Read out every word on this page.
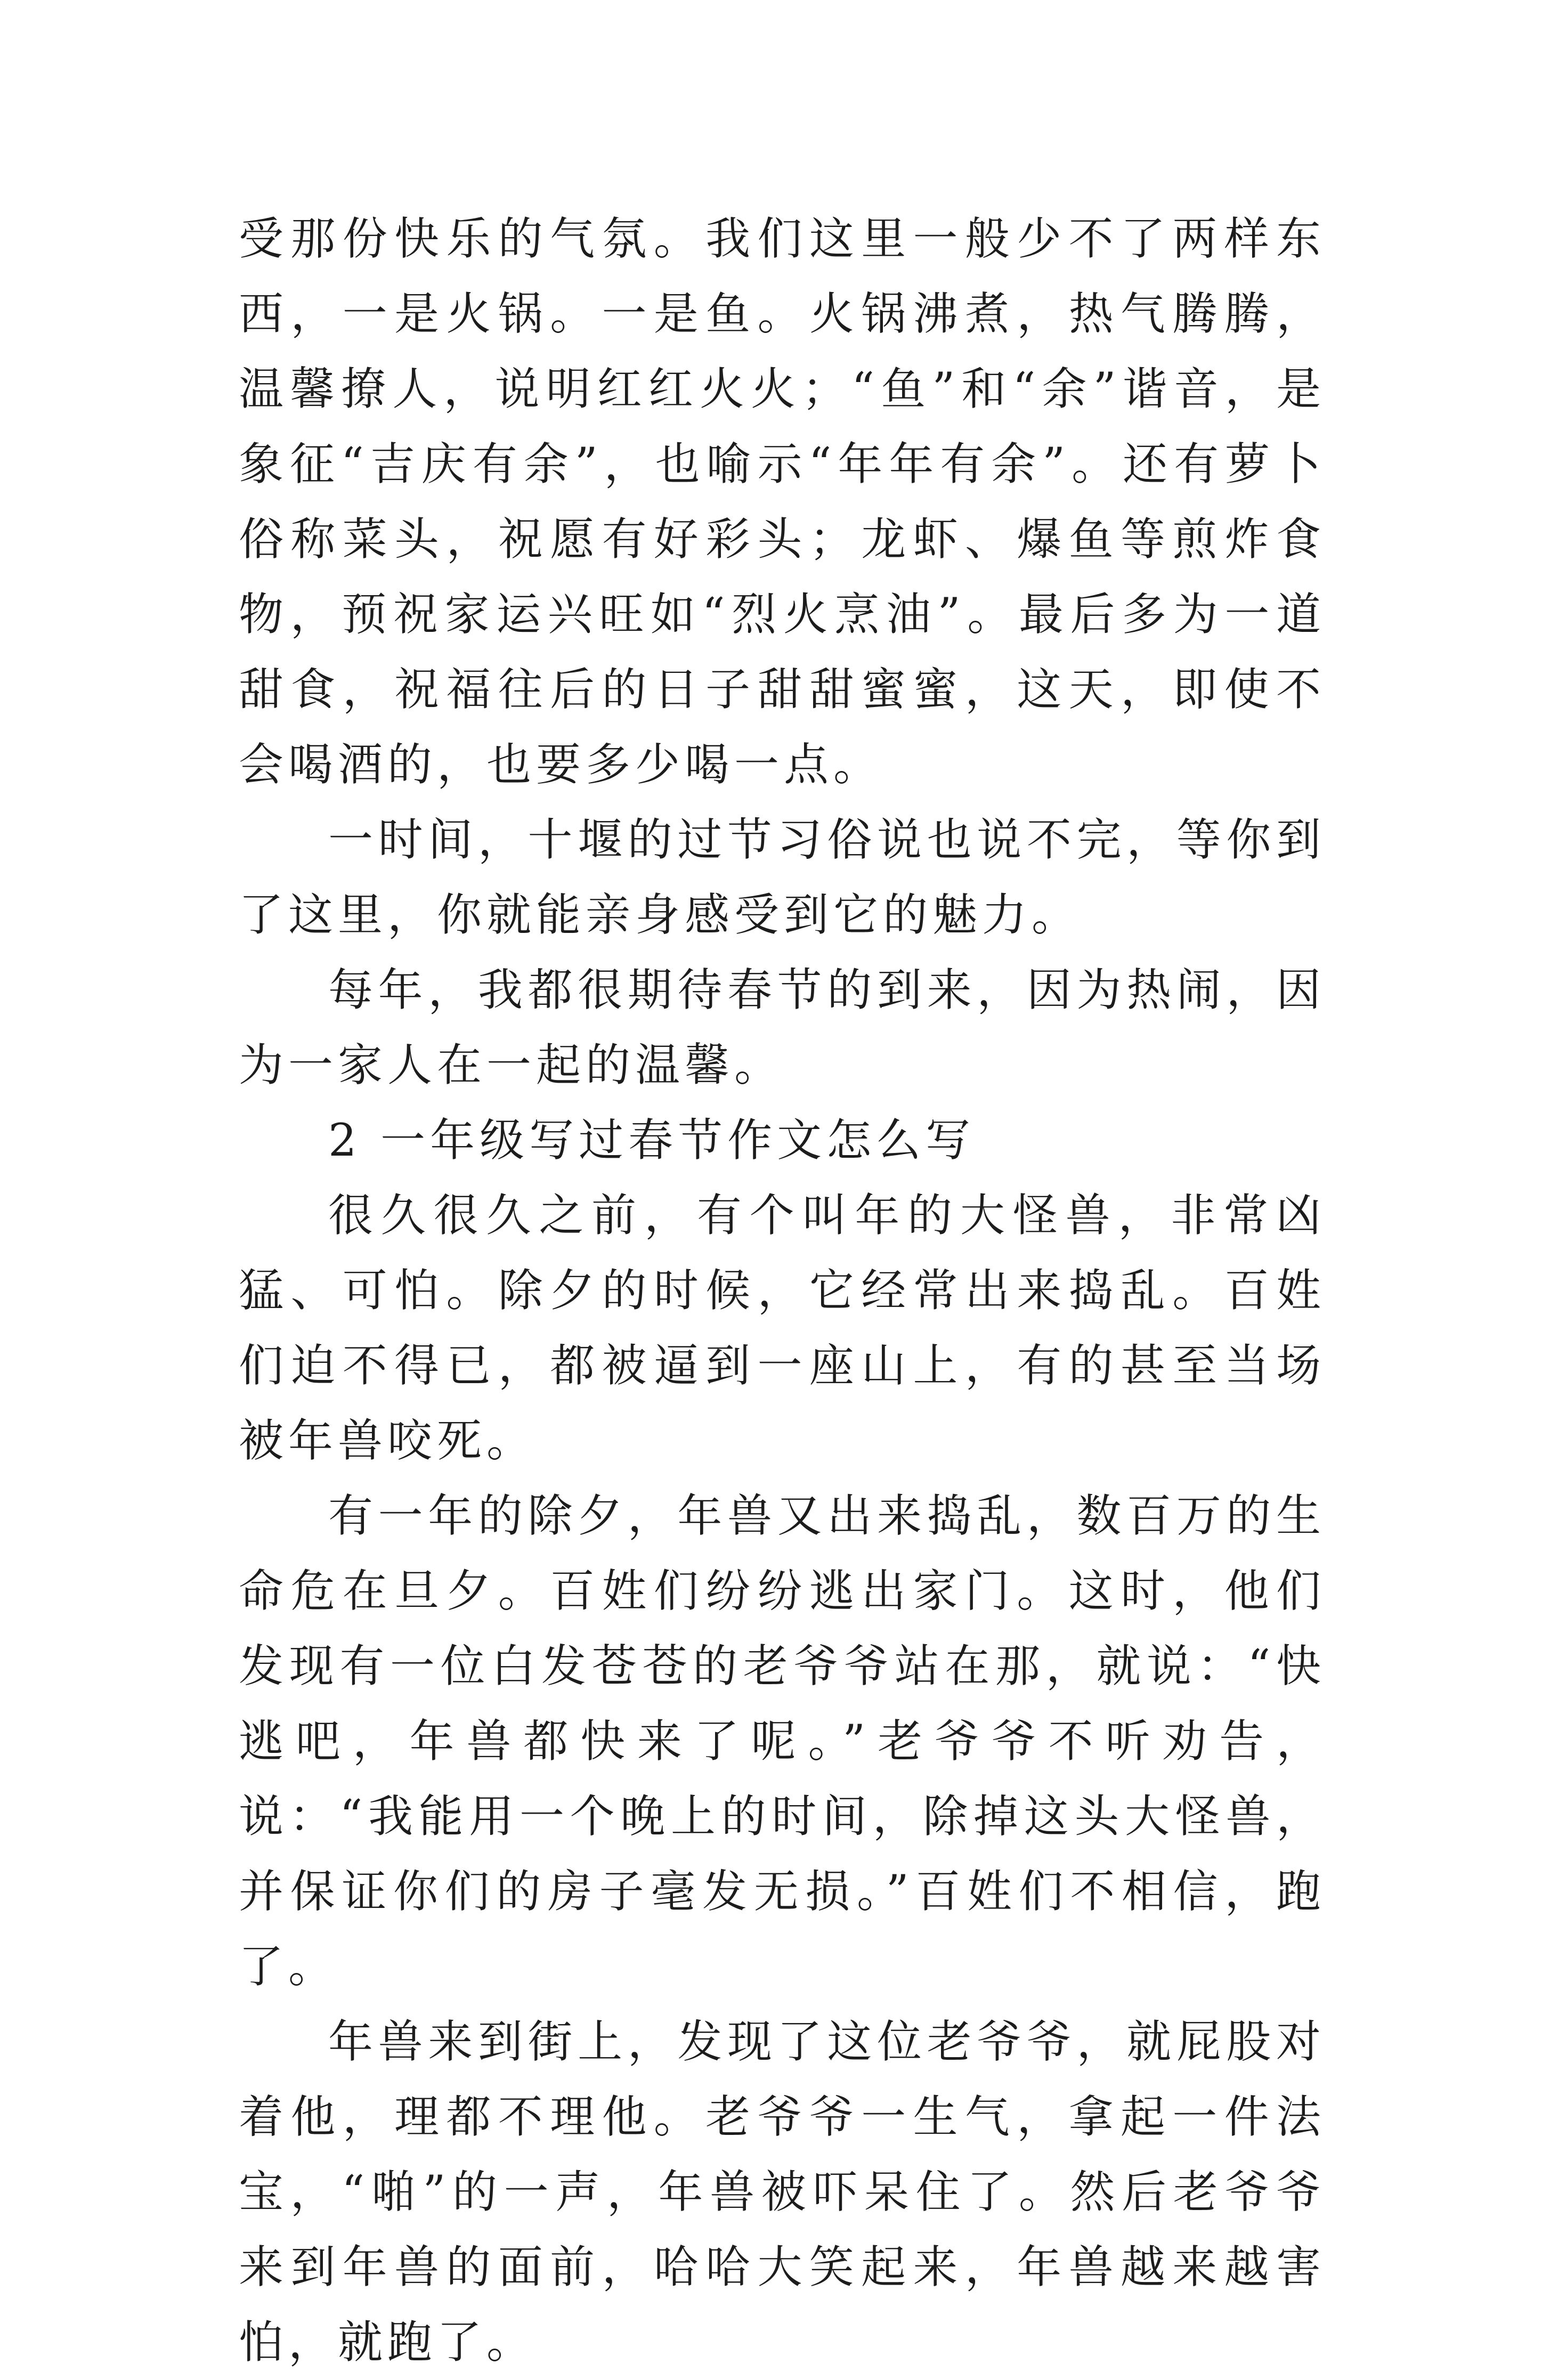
受那份快乐的气氛。我们这里一般少不了两样东西，一是火锅。一是鱼。火锅沸煮，热气腾腾，温馨撩人，说明红红火火；“鱼”和“余”谐音，是象征“吉庆有余”，也喻示“年年有余”。还有萝卜俗称菜头，祝愿有好彩头；龙虾、爆鱼等煎炸食物，预祝家运兴旺如“烈火烹油”。最后多为一道甜食，祝福往后的日子甜甜蜜蜜，这天，即使不会喝酒的，也要多少喝一点。

一时间，十堰的过节习俗说也说不完，等你到了这里，你就能亲身感受到它的魅力。

每年，我都很期待春节的到来，因为热闹，因为一家人在一起的温馨。

2 一年级写过春节作文怎么写

很久很久之前，有个叫年的大怪兽，非常凶猛、可怕。除夕的时候，它经常出来捣乱。百姓们迫不得已，都被逼到一座山上，有的甚至当场被年兽咬死。

有一年的除夕，年兽又出来捣乱，数百万的生命危在旦夕。百姓们纷纷逃出家门。这时，他们发现有一位白发苍苍的老爷爷站在那，就说：“快逃吧，年兽都快来了呢。”老爷爷不听劝告，说：“我能用一个晚上的时间，除掉这头大怪兽，并保证你们的房子毫发无损。”百姓们不相信，跑了。

年兽来到街上，发现了这位老爷爷，就屁股对着他，理都不理他。老爷爷一生气，拿起一件法宝，“啪”的一声，年兽被吓呆住了。然后老爷爷来到年兽的面前，哈哈大笑起来，年兽越来越害怕，就跑了。
